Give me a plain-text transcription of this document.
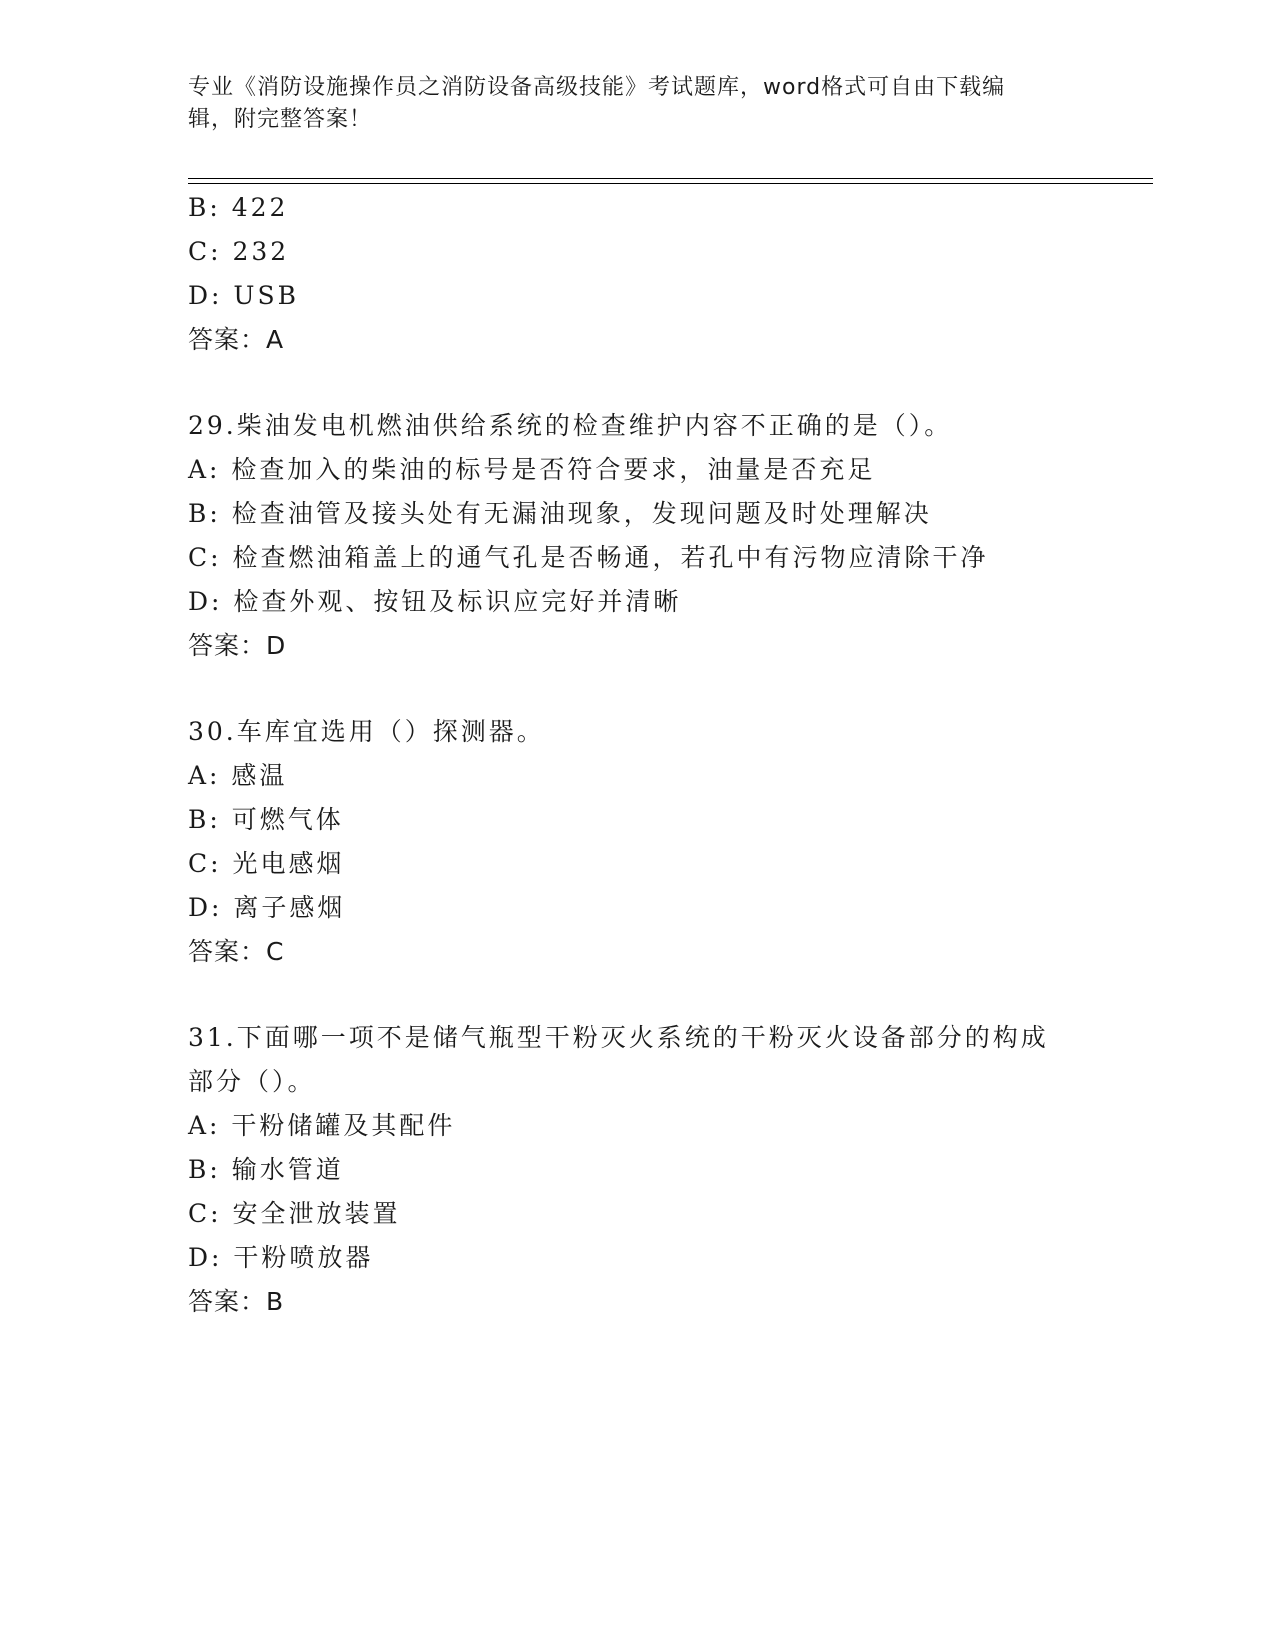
专业《消防设施操作员之消防设备高级技能》考试题库，word格式可自由下载编
辑，附完整答案！
B: 422
C: 232
D: USB
答案：A
29.柴油发电机燃油供给系统的检查维护内容不正确的是（）。
A: 检查加入的柴油的标号是否符合要求，油量是否充足
B: 检查油管及接头处有无漏油现象，发现问题及时处理解决
C: 检查燃油箱盖上的通气孔是否畅通，若孔中有污物应清除干净
D: 检查外观、按钮及标识应完好并清晰
答案：D
30.车库宜选用（）探测器。
A: 感温
B: 可燃气体
C: 光电感烟
D: 离子感烟
答案：C
31.下面哪一项不是储气瓶型干粉灭火系统的干粉灭火设备部分的构成
部分（）。
A: 干粉储罐及其配件
B: 输水管道
C: 安全泄放装置
D: 干粉喷放器
答案：B
